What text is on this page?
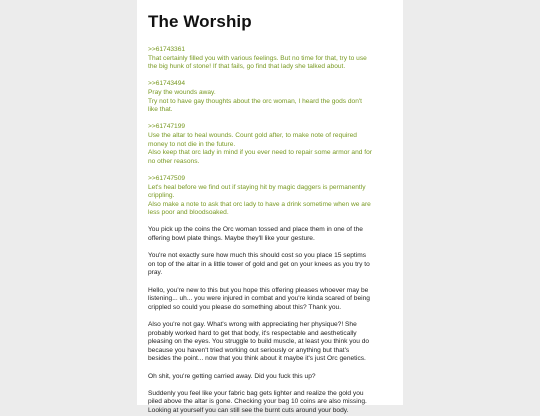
The Worship
>>61743361
That certainly filled you with various feelings. But no time for that, try to use
the big hunk of stone! If that fails, go find that lady she talked about.
>>61743494
Pray the wounds away.
Try not to have gay thoughts about the orc woman, I heard the gods don't
like that.
>>61747199
Use the altar to heal wounds. Count gold after, to make note of required
money to not die in the future.
Also keep that orc lady in mind if you ever need to repair some armor and for
no other reasons.
>>61747509
Let's heal before we find out if staying hit by magic daggers is permanently
crippling.
Also make a note to ask that orc lady to have a drink sometime when we are
less poor and bloodsoaked.

You pick up the coins the Orc woman tossed and place them in one of the
offering bowl plate things. Maybe they'll like your gesture.

You're not exactly sure how much this should cost so you place 15 septims
on top of the altar in a little tower of gold and get on your knees as you try to
pray.

Hello, you're new to this but you hope this offering pleases whoever may be
listening... uh... you were injured in combat and you're kinda scared of being
crippled so could you please do something about this? Thank you.

Also you're not gay. What's wrong with appreciating her physique?! She
probably worked hard to get that body, it's respectable and aesthetically
pleasing on the eyes. You struggle to build muscle, at least you think you do
because you haven't tried working out seriously or anything but that's
besides the point... now that you think about it maybe it's just Orc genetics.

Oh shit, you're getting carried away. Did you fuck this up?

Suddenly you feel like your fabric bag gets lighter and realize the gold you
piled above the altar is gone. Checking your bag 10 coins are also missing.
Looking at yourself you can still see the burnt cuts around your body.
